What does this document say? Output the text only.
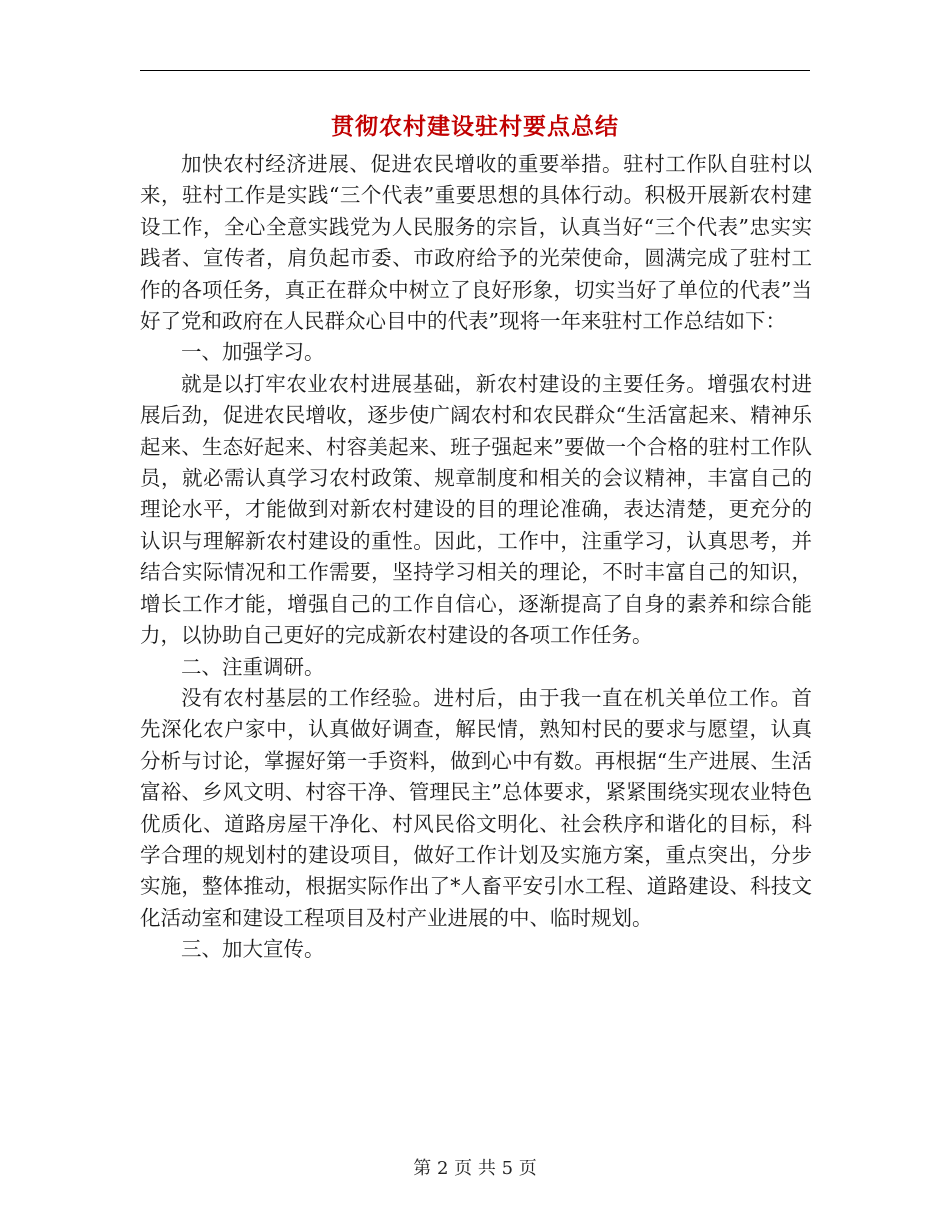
贯彻农村建设驻村要点总结

加快农村经济进展、促进农民增收的重要举措。驻村工作队自驻村以来，驻村工作是实践“三个代表”重要思想的具体行动。积极开展新农村建设工作，全心全意实践党为人民服务的宗旨，认真当好“三个代表”忠实实践者、宣传者，肩负起市委、市政府给予的光荣使命，圆满完成了驻村工作的各项任务，真正在群众中树立了良好形象，切实当好了单位的代表”当好了党和政府在人民群众心目中的代表”现将一年来驻村工作总结如下：

一、加强学习。

就是以打牢农业农村进展基础，新农村建设的主要任务。增强农村进展后劲，促进农民增收，逐步使广阔农村和农民群众“生活富起来、精神乐起来、生态好起来、村容美起来、班子强起来”要做一个合格的驻村工作队员，就必需认真学习农村政策、规章制度和相关的会议精神，丰富自己的理论水平，才能做到对新农村建设的目的理论准确，表达清楚，更充分的认识与理解新农村建设的重性。因此，工作中，注重学习，认真思考，并结合实际情况和工作需要，坚持学习相关的理论，不时丰富自己的知识，增长工作才能，增强自己的工作自信心，逐渐提高了自身的素养和综合能力，以协助自己更好的完成新农村建设的各项工作任务。

二、注重调研。

没有农村基层的工作经验。进村后，由于我一直在机关单位工作。首先深化农户家中，认真做好调查，解民情，熟知村民的要求与愿望，认真分析与讨论，掌握好第一手资料，做到心中有数。再根据“生产进展、生活富裕、乡风文明、村容干净、管理民主”总体要求，紧紧围绕实现农业特色优质化、道路房屋干净化、村风民俗文明化、社会秩序和谐化的目标，科学合理的规划村的建设项目，做好工作计划及实施方案，重点突出，分步实施，整体推动，根据实际作出了*人畜平安引水工程、道路建设、科技文化活动室和建设工程项目及村产业进展的中、临时规划。

三、加大宣传。

第 2 页 共 5 页
